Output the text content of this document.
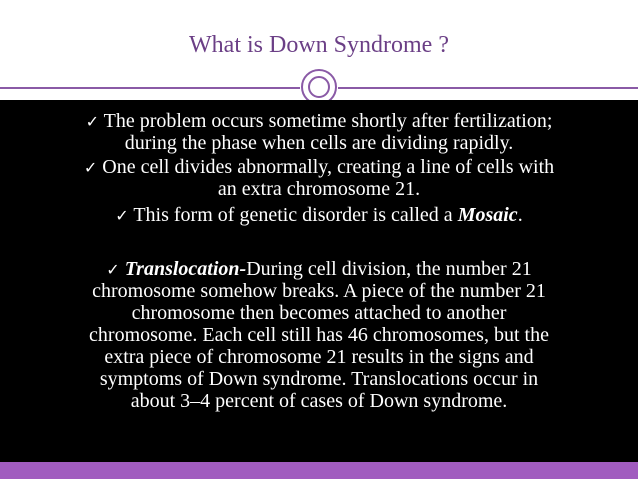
What is Down Syndrome ?
✓ The problem occurs sometime shortly after fertilization;
during the phase when cells are dividing rapidly.
✓ One cell divides abnormally, creating a line of cells with
an extra chromosome 21.
✓ This form of genetic disorder is called a Mosaic.
✓ Translocation-During cell division, the number 21
chromosome somehow breaks. A piece of the number 21
chromosome then becomes attached to another
chromosome. Each cell still has 46 chromosomes, but the
extra piece of chromosome 21 results in the signs and
symptoms of Down syndrome. Translocations occur in
about 3–4 percent of cases of Down syndrome.
